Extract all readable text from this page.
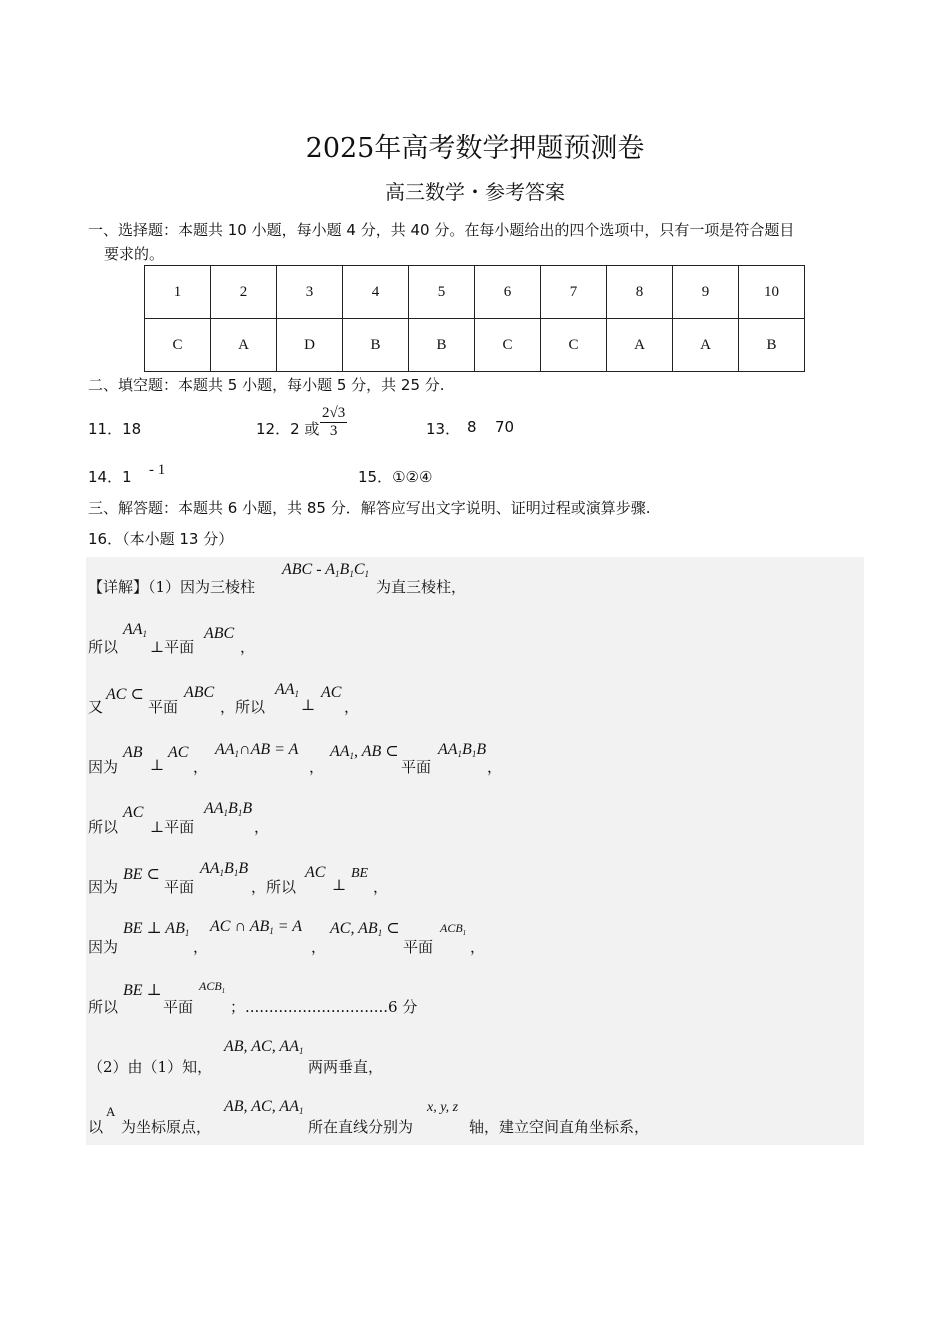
2025年高考数学押题预测卷
高三数学・参考答案
一、选择题：本题共 10 小题，每小题 4 分，共 40 分。在每小题给出的四个选项中，只有一项是符合题目
要求的。
1	2	3	4	5	6	7	8	9	10
C	A	D	B	B	C	C	A	A	B
二、填空题：本题共 5 小题，每小题 5 分，共 25 分.
11．18	12．2 或 $\frac{2√3}{3}$	13． 8 70
14．1 - 1	15．①②④
三、解答题：本题共 6 小题，共 85 分．解答应写出文字说明、证明过程或演算步骤.
16．（本小题 13 分）
【详解】（1）因为三棱柱
ABC - $A_1B_1C_1$
为直三棱柱，
所以
$AA_1$
⊥平面
ABC
，
又
AC ⊂
平面
ABC
，所以
$AA_1$
⊥
AC
，
因为
AB
⊥
AC
，
$AA_1\cap AB = A$
，
$AA_1$, AB ⊂
平面
$AA_1B_1B$
，
所以
AC
⊥平面
$AA_1B_1B$
，
因为
BE ⊂
平面
$AA_1B_1B$
，所以
AC
⊥
BE
，
因为
BE ⊥ $AB_1$
，
AC ∩ $AB_1 = A$
，
AC, $AB_1$ ⊂
平面
$ACB_1$
，
所以
BE ⊥
平面
$ACB_1$
；..............................6 分
（2）由（1）知，
AB, AC, $AA_1$
两两垂直，
以
A
为坐标原点，
AB, AC, $AA_1$
所在直线分别为
x, y, z
轴，建立空间直角坐标系，
